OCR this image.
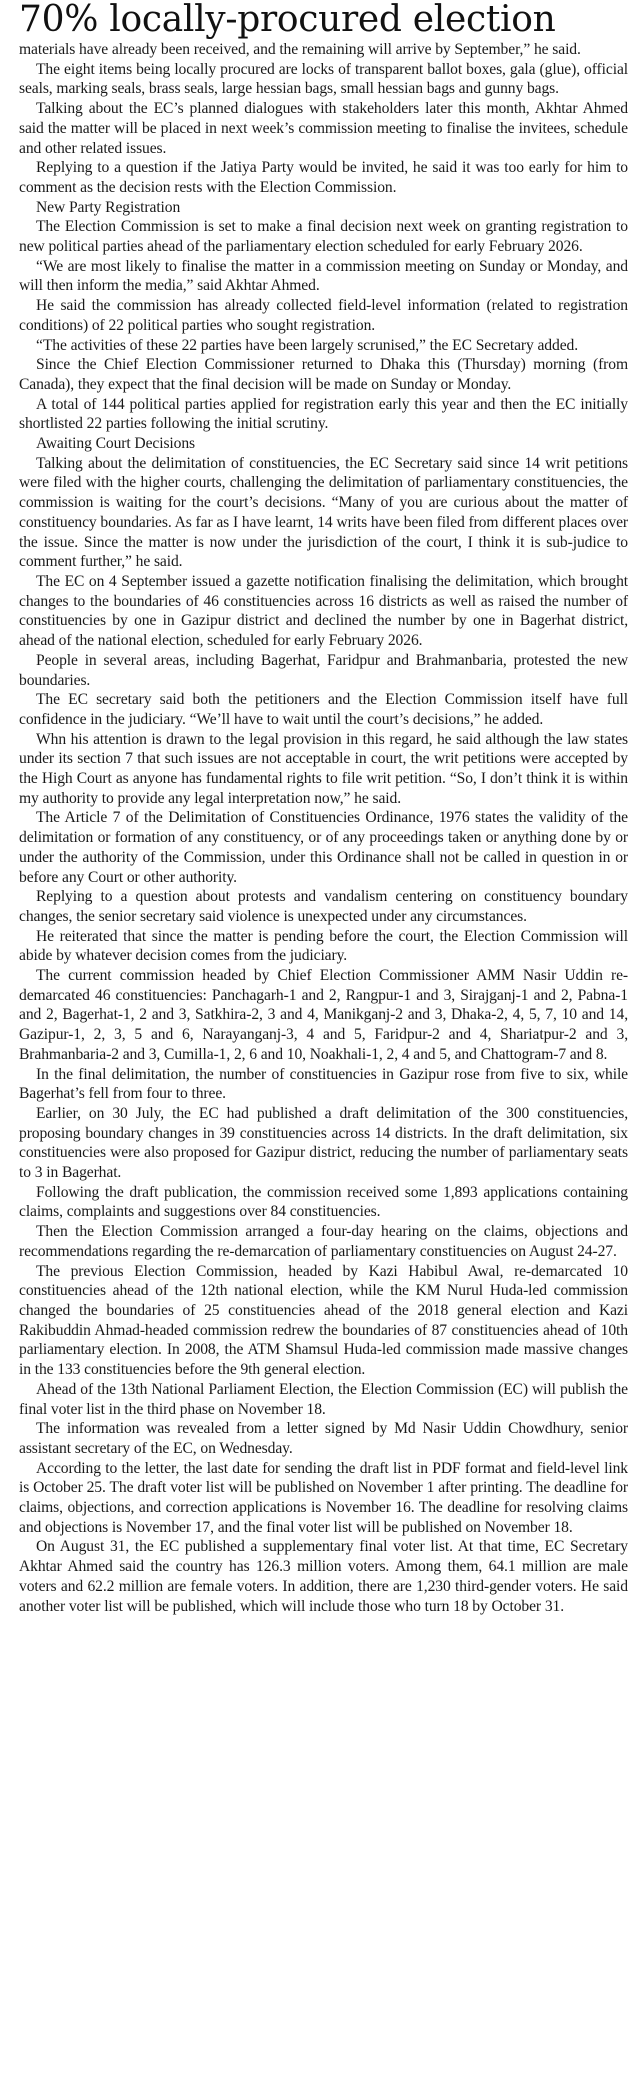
70% locally-procured election

materials have already been received, and the remaining will arrive by September,” he said.

The eight items being locally procured are locks of transparent ballot boxes, gala (glue), official seals, marking seals, brass seals, large hessian bags, small hessian bags and gunny bags.

Talking about the EC’s planned dialogues with stakeholders later this month, Akhtar Ahmed said the matter will be placed in next week’s commission meeting to finalise the invitees, schedule and other related issues.

Replying to a question if the Jatiya Party would be invited, he said it was too early for him to comment as the decision rests with the Election Commission.

New Party Registration

The Election Commission is set to make a final decision next week on granting registration to new political parties ahead of the parliamentary election scheduled for early February 2026.

“We are most likely to finalise the matter in a commission meeting on Sunday or Monday, and will then inform the media,” said Akhtar Ahmed.

He said the commission has already collected field-level information (related to registration conditions) of 22 political parties who sought registration.

“The activities of these 22 parties have been largely scrunised,” the EC Secretary added.

Since the Chief Election Commissioner returned to Dhaka this (Thursday) morning (from Canada), they expect that the final decision will be made on Sunday or Monday.

A total of 144 political parties applied for registration early this year and then the EC initially shortlisted 22 parties following the initial scrutiny.

Awaiting Court Decisions

Talking about the delimitation of constituencies, the EC Secretary said since 14 writ petitions were filed with the higher courts, challenging the delimitation of parliamentary constituencies, the commission is waiting for the court’s decisions. “Many of you are curious about the matter of constituency boundaries. As far as I have learnt, 14 writs have been filed from different places over the issue. Since the matter is now under the jurisdiction of the court, I think it is sub-judice to comment further,” he said.

The EC on 4 September issued a gazette notification finalising the delimitation, which brought changes to the boundaries of 46 constituencies across 16 districts as well as raised the number of constituencies by one in Gazipur district and declined the number by one in Bagerhat district, ahead of the national election, scheduled for early February 2026.

People in several areas, including Bagerhat, Faridpur and Brahmanbaria, protested the new boundaries.

The EC secretary said both the petitioners and the Election Commission itself have full confidence in the judiciary. “We’ll have to wait until the court’s decisions,” he added.

Whn his attention is drawn to the legal provision in this regard, he said although the law states under its section 7 that such issues are not acceptable in court, the writ petitions were accepted by the High Court as anyone has fundamental rights to file writ petition. “So, I don’t think it is within my authority to provide any legal interpretation now,” he said.

The Article 7 of the Delimitation of Constituencies Ordinance, 1976 states the validity of the delimitation or formation of any constituency, or of any proceedings taken or anything done by or under the authority of the Commission, under this Ordinance shall not be called in question in or before any Court or other authority.

Replying to a question about protests and vandalism centering on constituency boundary changes, the senior secretary said violence is unexpected under any circumstances.

He reiterated that since the matter is pending before the court, the Election Commission will abide by whatever decision comes from the judiciary.

The current commission headed by Chief Election Commissioner AMM Nasir Uddin re-demarcated 46 constituencies: Panchagarh-1 and 2, Rangpur-1 and 3, Sirajganj-1 and 2, Pabna-1 and 2, Bagerhat-1, 2 and 3, Satkhira-2, 3 and 4, Manikganj-2 and 3, Dhaka-2, 4, 5, 7, 10 and 14, Gazipur-1, 2, 3, 5 and 6, Narayanganj-3, 4 and 5, Faridpur-2 and 4, Shariatpur-2 and 3, Brahmanbaria-2 and 3, Cumilla-1, 2, 6 and 10, Noakhali-1, 2, 4 and 5, and Chattogram-7 and 8.

In the final delimitation, the number of constituencies in Gazipur rose from five to six, while Bagerhat’s fell from four to three.

Earlier, on 30 July, the EC had published a draft delimitation of the 300 constituencies, proposing boundary changes in 39 constituencies across 14 districts. In the draft delimitation, six constituencies were also proposed for Gazipur district, reducing the number of parliamentary seats to 3 in Bagerhat.

Following the draft publication, the commission received some 1,893 applications containing claims, complaints and suggestions over 84 constituencies.

Then the Election Commission arranged a four-day hearing on the claims, objections and recommendations regarding the re-demarcation of parliamentary constituencies on August 24-27.

The previous Election Commission, headed by Kazi Habibul Awal, re-demarcated 10 constituencies ahead of the 12th national election, while the KM Nurul Huda-led commission changed the boundaries of 25 constituencies ahead of the 2018 general election and Kazi Rakibuddin Ahmad-headed commission redrew the boundaries of 87 constituencies ahead of 10th parliamentary election. In 2008, the ATM Shamsul Huda-led commission made massive changes in the 133 constituencies before the 9th general election.

Ahead of the 13th National Parliament Election, the Election Commission (EC) will publish the final voter list in the third phase on November 18.

The information was revealed from a letter signed by Md Nasir Uddin Chowdhury, senior assistant secretary of the EC, on Wednesday.

According to the letter, the last date for sending the draft list in PDF format and field-level link is October 25. The draft voter list will be published on November 1 after printing. The deadline for claims, objections, and correction applications is November 16. The deadline for resolving claims and objections is November 17, and the final voter list will be published on November 18.

On August 31, the EC published a supplementary final voter list. At that time, EC Secretary Akhtar Ahmed said the country has 126.3 million voters. Among them, 64.1 million are male voters and 62.2 million are female voters. In addition, there are 1,230 third-gender voters. He said another voter list will be published, which will include those who turn 18 by October 31.
